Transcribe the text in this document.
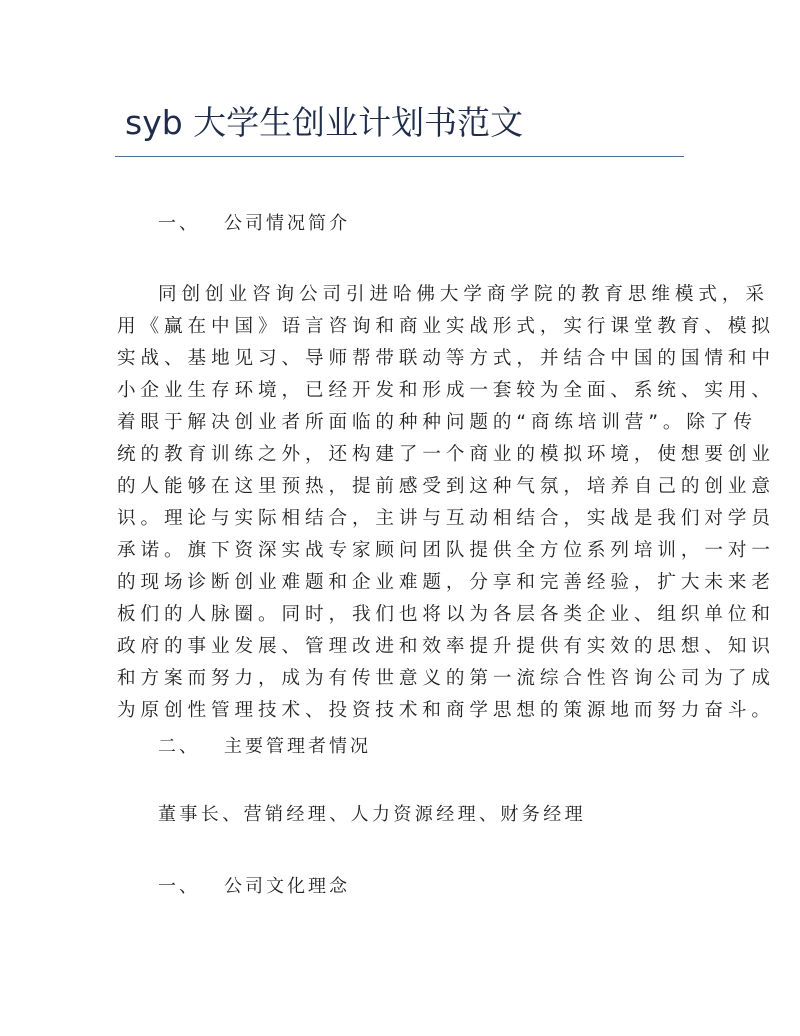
syb 大学生创业计划书范文
一、 公司情况简介
同创创业咨询公司引进哈佛大学商学院的教育思维模式，采
用《赢在中国》语言咨询和商业实战形式，实行课堂教育、模拟
实战、基地见习、导师帮带联动等方式，并结合中国的国情和中
小企业生存环境，已经开发和形成一套较为全面、系统、实用、
着眼于解决创业者所面临的种种问题的“商练培训营”。除了传
统的教育训练之外，还构建了一个商业的模拟环境，使想要创业
的人能够在这里预热，提前感受到这种气氛，培养自己的创业意
识。理论与实际相结合，主讲与互动相结合，实战是我们对学员
承诺。旗下资深实战专家顾问团队提供全方位系列培训，一对一
的现场诊断创业难题和企业难题，分享和完善经验，扩大未来老
板们的人脉圈。同时，我们也将以为各层各类企业、组织单位和
政府的事业发展、管理改进和效率提升提供有实效的思想、知识
和方案而努力，成为有传世意义的第一流综合性咨询公司为了成
为原创性管理技术、投资技术和商学思想的策源地而努力奋斗。
二、 主要管理者情况

董事长、营销经理、人力资源经理、财务经理

一、 公司文化理念
